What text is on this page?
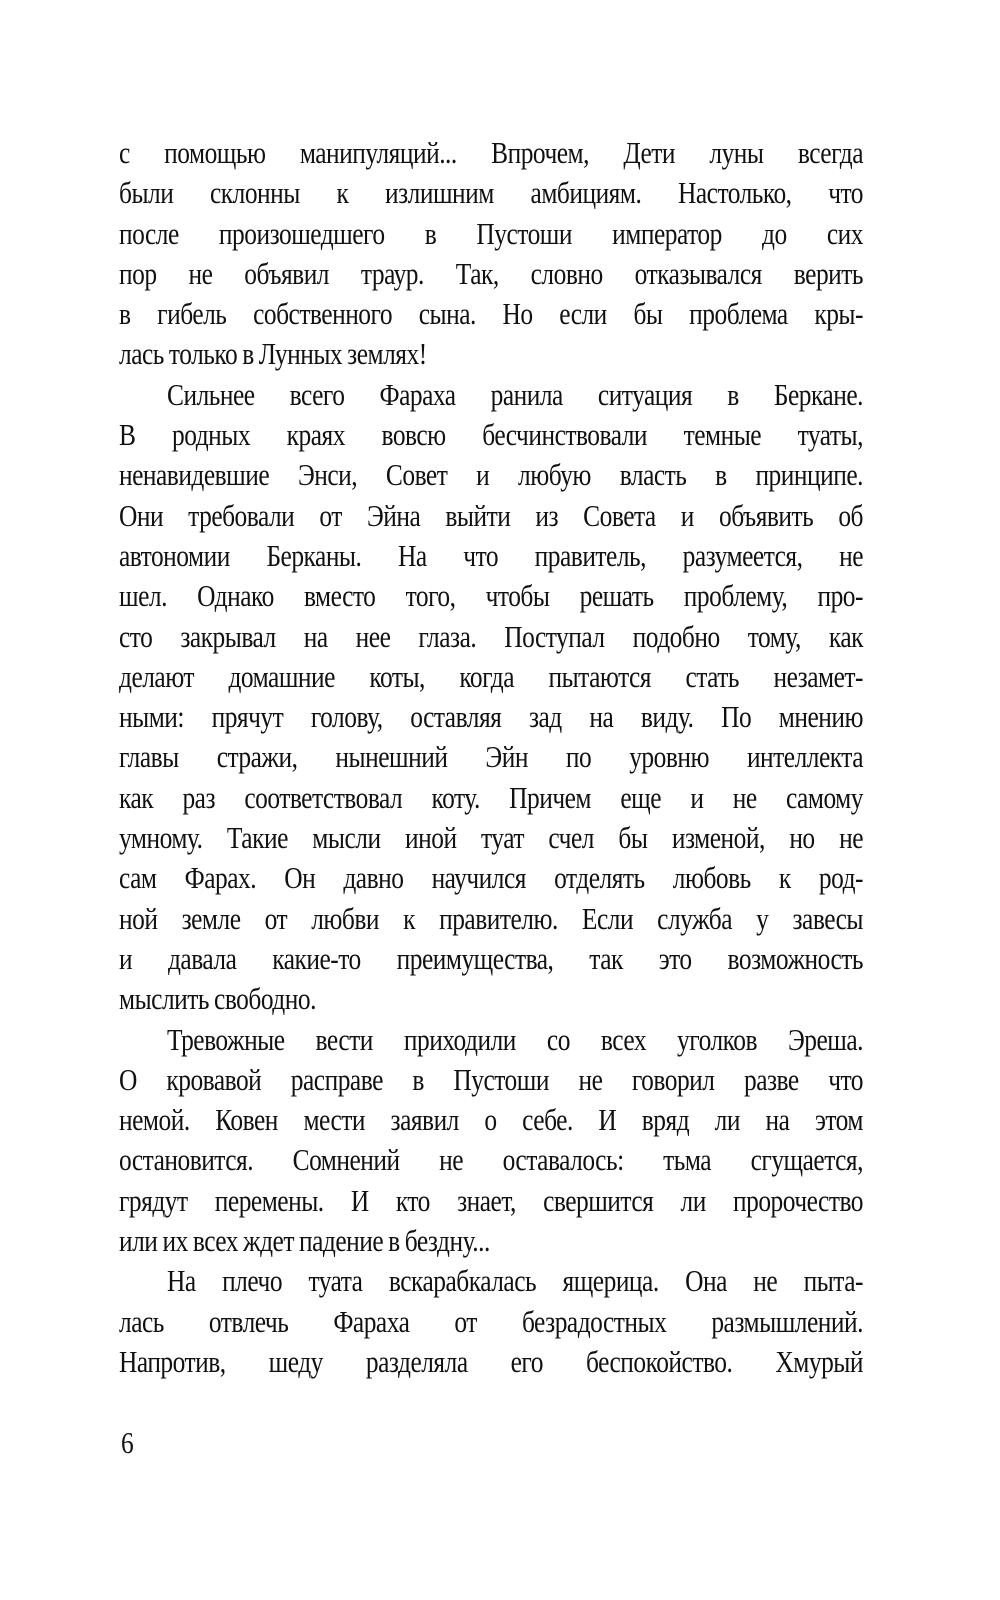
с помощью манипуляций... Впрочем, Дети луны всегда
были склонны к излишним амбициям. Настолько, что
после произошедшего в Пустоши император до сих
пор не объявил траур. Так, словно отказывался верить
в гибель собственного сына. Но если бы проблема кры-
лась только в Лунных землях!
Сильнее всего Фараха ранила ситуация в Беркане.
В родных краях вовсю бесчинствовали темные туаты,
ненавидевшие Энси, Совет и любую власть в принципе.
Они требовали от Эйна выйти из Совета и объявить об
автономии Берканы. На что правитель, разумеется, не
шел. Однако вместо того, чтобы решать проблему, про-
сто закрывал на нее глаза. Поступал подобно тому, как
делают домашние коты, когда пытаются стать незамет-
ными: прячут голову, оставляя зад на виду. По мнению
главы стражи, нынешний Эйн по уровню интеллекта
как раз соответствовал коту. Причем еще и не самому
умному. Такие мысли иной туат счел бы изменой, но не
сам Фарах. Он давно научился отделять любовь к род-
ной земле от любви к правителю. Если служба у завесы
и давала какие-то преимущества, так это возможность
мыслить свободно.
Тревожные вести приходили со всех уголков Эреша.
О кровавой расправе в Пустоши не говорил разве что
немой. Ковен мести заявил о себе. И вряд ли на этом
остановится. Сомнений не оставалось: тьма сгущается,
грядут перемены. И кто знает, свершится ли пророчество
или их всех ждет падение в бездну...
На плечо туата вскарабкалась ящерица. Она не пыта-
лась отвлечь Фараха от безрадостных размышлений.
Напротив, шеду разделяла его беспокойство. Хмурый
6
